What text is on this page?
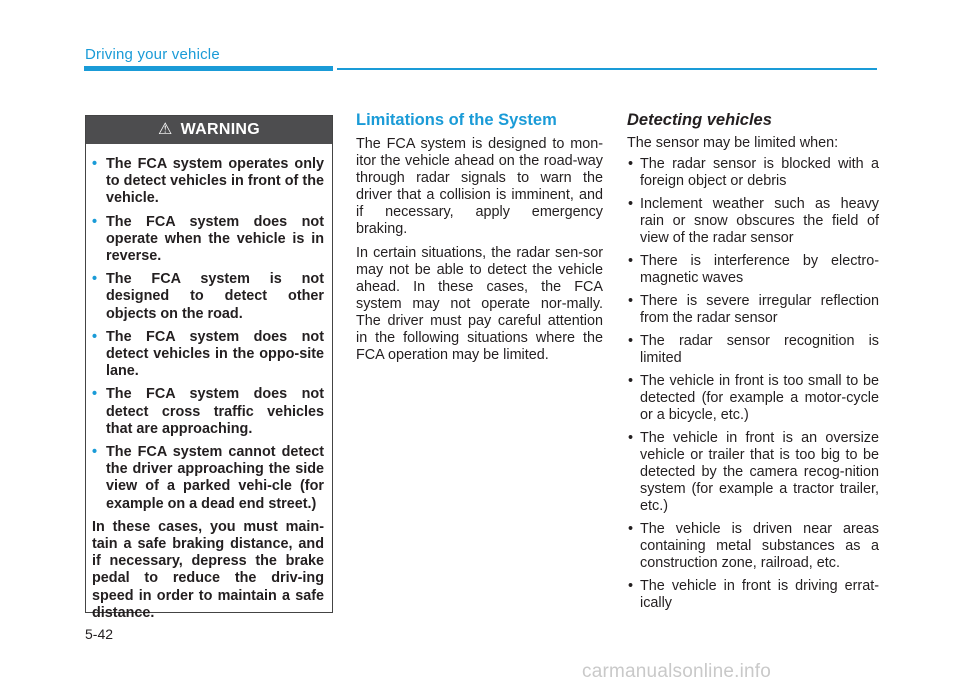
Driving your vehicle
⚠ WARNING
• The FCA system operates only to detect vehicles in front of the vehicle.
• The FCA system does not operate when the vehicle is in reverse.
• The FCA system is not designed to detect other objects on the road.
• The FCA system does not detect vehicles in the oppo-site lane.
• The FCA system does not detect cross traffic vehicles that are approaching.
• The FCA system cannot detect the driver approaching the side view of a parked vehi-cle (for example on a dead end street.)
In these cases, you must main-tain a safe braking distance, and if necessary, depress the brake pedal to reduce the driv-ing speed in order to maintain a safe distance.
Limitations of the System

The FCA system is designed to mon-itor the vehicle ahead on the road-way through radar signals to warn the driver that a collision is imminent, and if necessary, apply emergency braking.

In certain situations, the radar sen-sor may not be able to detect the vehicle ahead. In these cases, the FCA system may not operate nor-mally. The driver must pay careful attention in the following situations where the FCA operation may be limited.

Detecting vehicles
The sensor may be limited when:
• The radar sensor is blocked with a foreign object or debris
• Inclement weather such as heavy rain or snow obscures the field of view of the radar sensor
• There is interference by electro-magnetic waves
• There is severe irregular reflection from the radar sensor
• The radar sensor recognition is limited
• The vehicle in front is too small to be detected (for example a motor-cycle or a bicycle, etc.)
• The vehicle in front is an oversize vehicle or trailer that is too big to be detected by the camera recog-nition system (for example a tractor trailer, etc.)
• The vehicle is driven near areas containing metal substances as a construction zone, railroad, etc.
• The vehicle in front is driving errat-ically
5-42
carmanualsonline.info
